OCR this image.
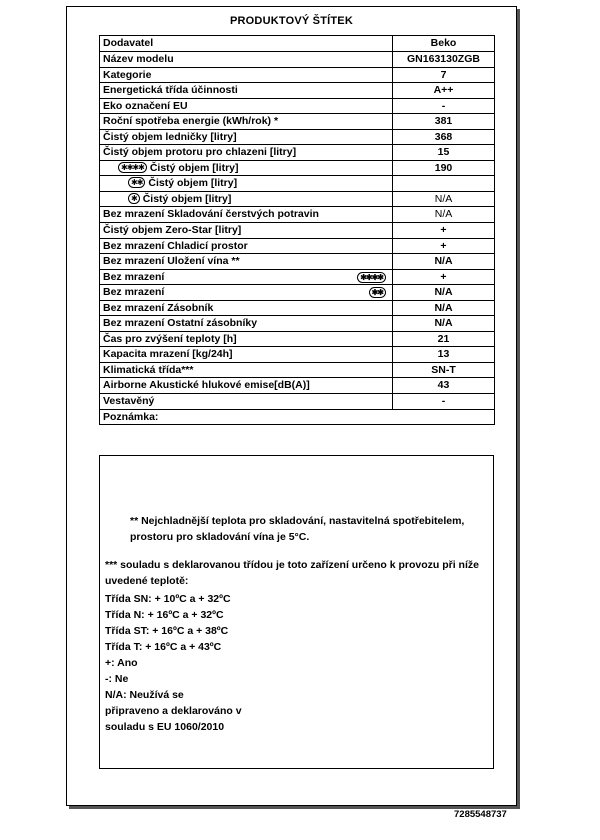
PRODUKTOVÝ ŠTÍTEK
Dodavatel	Beko
Název modelu	GN163130ZGB
Kategorie	7
Energetická třída účinnosti	A++
Eko označení EU	-
Roční spotřeba energie (kWh/rok) *	381
Čistý objem ledničky [litry]	368
Čistý objem protoru pro chlazeni [litry]	15
✱✱✱✱ Čistý objem [litry]	190
✱✱ Čistý objem [litry]
✱ Čistý objem [litry]	N/A
Bez mrazení Skladování čerstvých potravin	N/A
Čistý objem Zero-Star [litry]	+
Bez mrazení Chladicí prostor	+
Bez mrazení Uložení vína **	N/A
Bez mrazení	✱✱✱✱	+
Bez mrazení	✱✱	N/A
Bez mrazení Zásobník	N/A
Bez mrazení Ostatní zásobníky	N/A
Čas pro zvýšení teploty [h]	21
Kapacita mrazení [kg/24h]	13
Klimatická třída***	SN-T
Airborne Akustické hlukové emise[dB(A)]	43
Vestavěný	-
Poznámka:
** Nejchladnější teplota pro skladování, nastavitelná spotřebitelem, prostoru pro skladování vína je 5°C.
*** souladu s deklarovanou třídou je toto zařízení určeno k provozu při níže uvedené teplotě:
Třída SN: + 10ºC a + 32ºC
Třída N: + 16ºC a + 32ºC
Třída ST: + 16ºC a + 38ºC
Třída T: + 16ºC a + 43ºC
+: Ano
-: Ne
N/A: Neužívá se
připraveno a deklarováno v
souladu s EU 1060/2010
7285548737
